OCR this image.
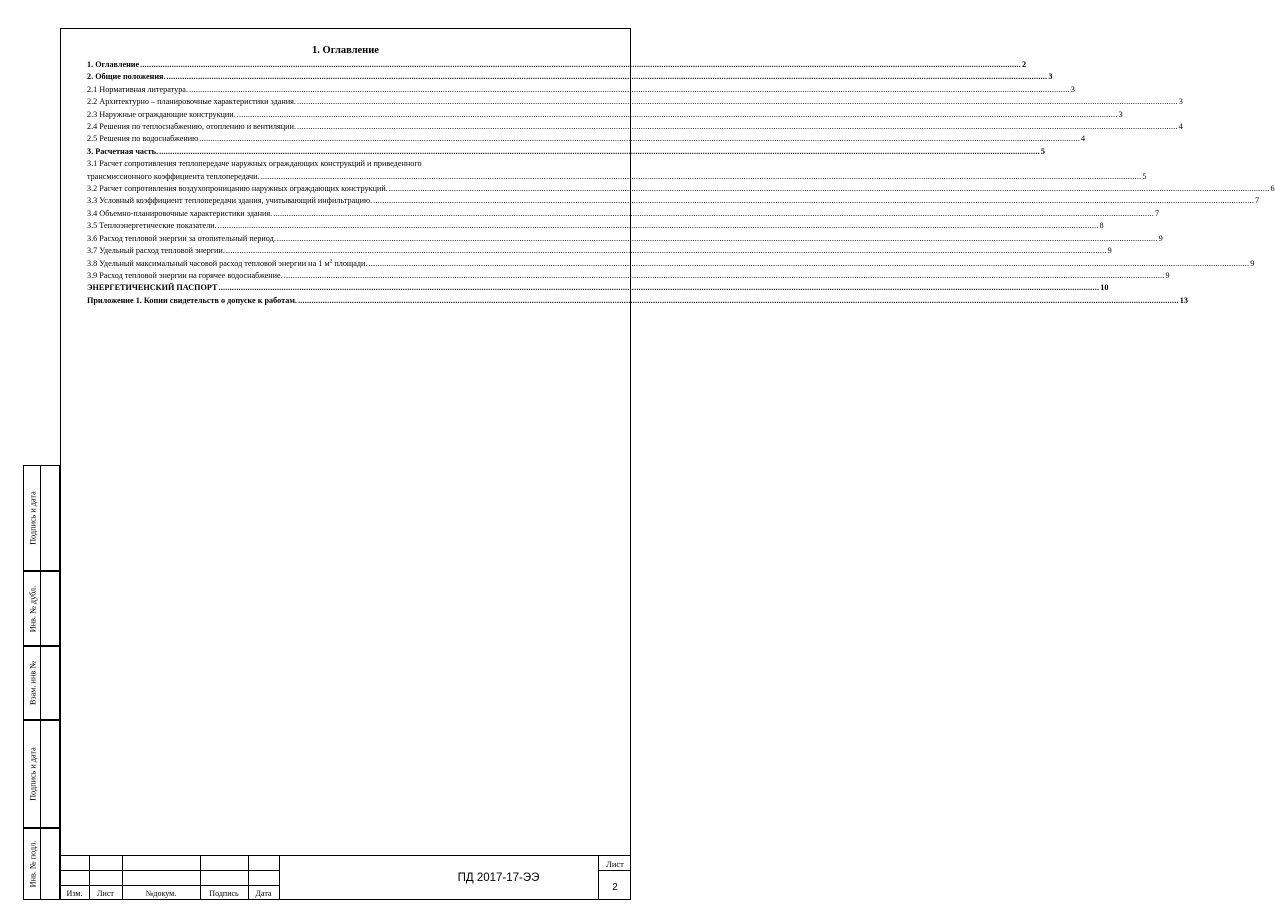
1. Оглавление
1. Оглавление .....	2
2. Общие положения. .....	3
2.1 Нормативная литература. .....	3
2.2 Архитектурно – планировочные характеристики здания. .....	3
2.3 Наружные ограждающие конструкции. .....	3
2.4 Решения по теплоснабжению, отоплению и вентиляции. .....	4
2.5 Решения по водоснабжению .....	4
3. Расчетная часть. .....	5
3.1 Расчет сопротивления теплопередаче наружных ограждающих конструкций и приведенного
трансмиссионного коэффициента теплопередачи. .....	5
3.2 Расчет сопротивления воздухопроницанию наружных ограждающих конструкций. .....	6
3.3 Условный коэффициент теплопередачи здания, учитывающий инфильтрацию. .....	7
3.4 Объемно-планировочные характеристики здания. .....	7
3.5 Теплоэнергетические показатели. .....	8
3.6 Расход тепловой энергии за отопительный период. .....	9
3.7 Удельный расход тепловой энергии. .....	9
3.8 Удельный максимальный часовой расход тепловой энергии на 1 $м^2$ площади. .....	9
3.9 Расход тепловой энергии на горячее водоснабжение. .....	9
ЭНЕРГЕТИЧЕНСКИЙ ПАСПОРТ .....	10
Приложение 1. Копии свидетельств о допуске к работам. .....	13
Подпись и дата
Инв. № дубл.
Взам. инв №
Подпись и дата
Инв. № подл.
Изм.	Лист	№докум.	Подпись	Дата
ПД 2017-17-ЭЭ
Лист
2
